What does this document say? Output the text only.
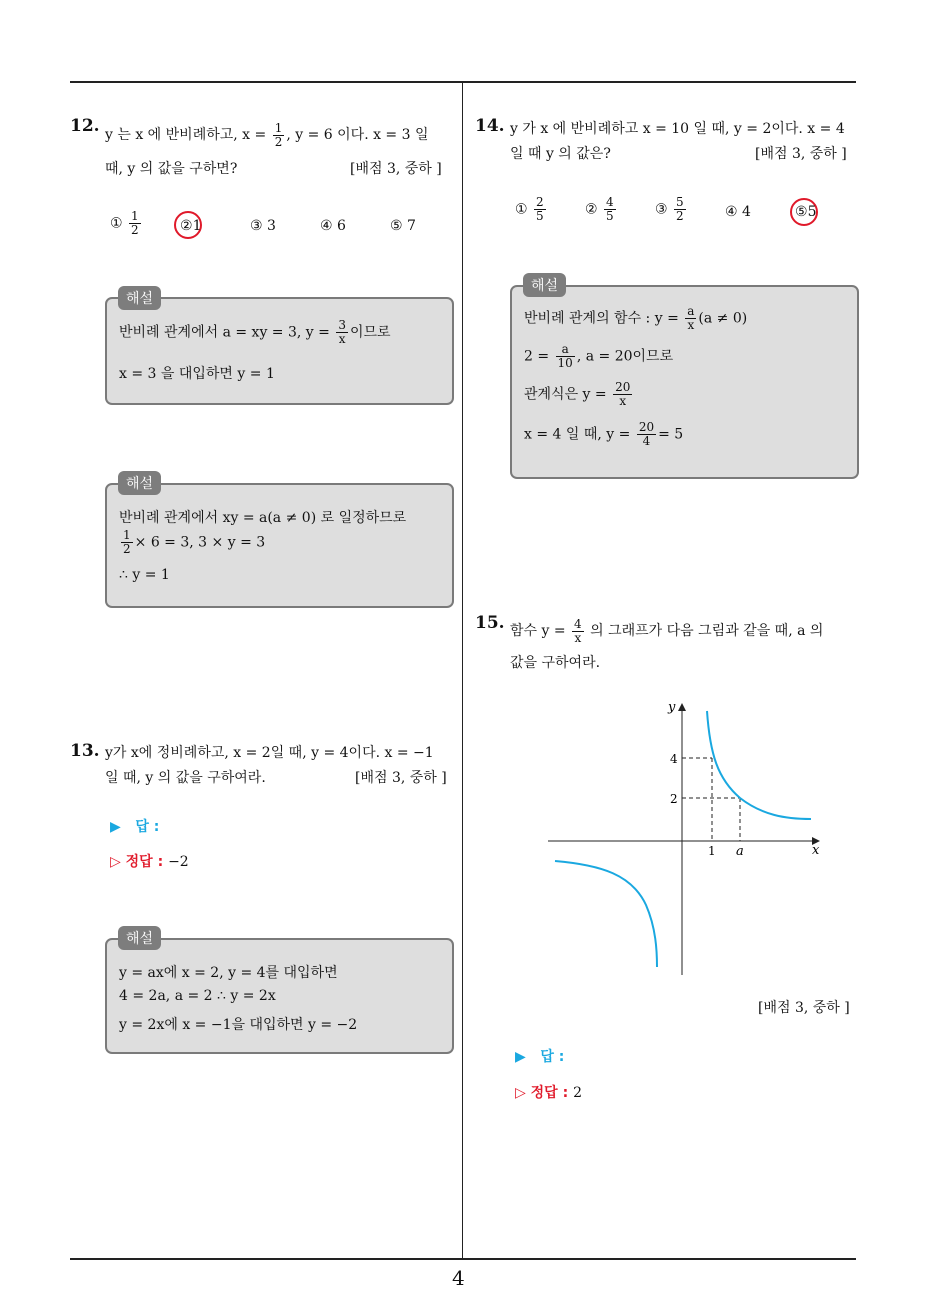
4
12. y 는 x 에 반비례하고, $x = \frac{1}{2}$ , y = 6 이다. x = 3 일
때, y 의 값을 구하면?	[배점 3, 중하 ]
① $\frac{1}{2}$	②1	③ 3	④ 6	⑤ 7
반비례 관계에서 a = xy = 3, $y = \frac{3}{x}$ 이므로
x = 3 을 대입하면 y = 1
해설
반비례 관계에서 xy = a(a ≠ 0) 로 일정하므로
$\frac{1}{2} \times 6 = 3$, 3 × y = 3
∴ y = 1
해설
13. y가 x에 정비례하고, x = 2일 때, y = 4이다. x = −1
일 때, y 의 값을 구하여라.	[배점 3, 중하 ]
▶ 답 :
▷ 정답 : −2
y = ax에 x = 2, y = 4를 대입하면
4 = 2a, a = 2 ∴ y = 2x
y = 2x에 x = −1을 대입하면 y = −2
해설
14. y 가 x 에 반비례하고 x = 10 일 때, y = 2이다. x = 4
일 때 y 의 값은?	[배점 3, 중하 ]
① $\frac{2}{5}$	② $\frac{4}{5}$	③ $\frac{5}{2}$	④ 4	⑤5
반비례 관계의 함수 : $y = \frac{a}{x} (a \ne 0)$
$2 = \frac{a}{10}$ , a = 20이므로
관계식은 $y = \frac{20}{x}$
x = 4 일 때, $y = \frac{20}{4} = 5$
해설
15. 함수 $y = \frac{4}{x}$ 의 그래프가 다음 그림과 같을 때, a 의
값을 구하여라.
y
x
4
2
1 a
[배점 3, 중하 ]
▶ 답 :
▷ 정답 : 2
